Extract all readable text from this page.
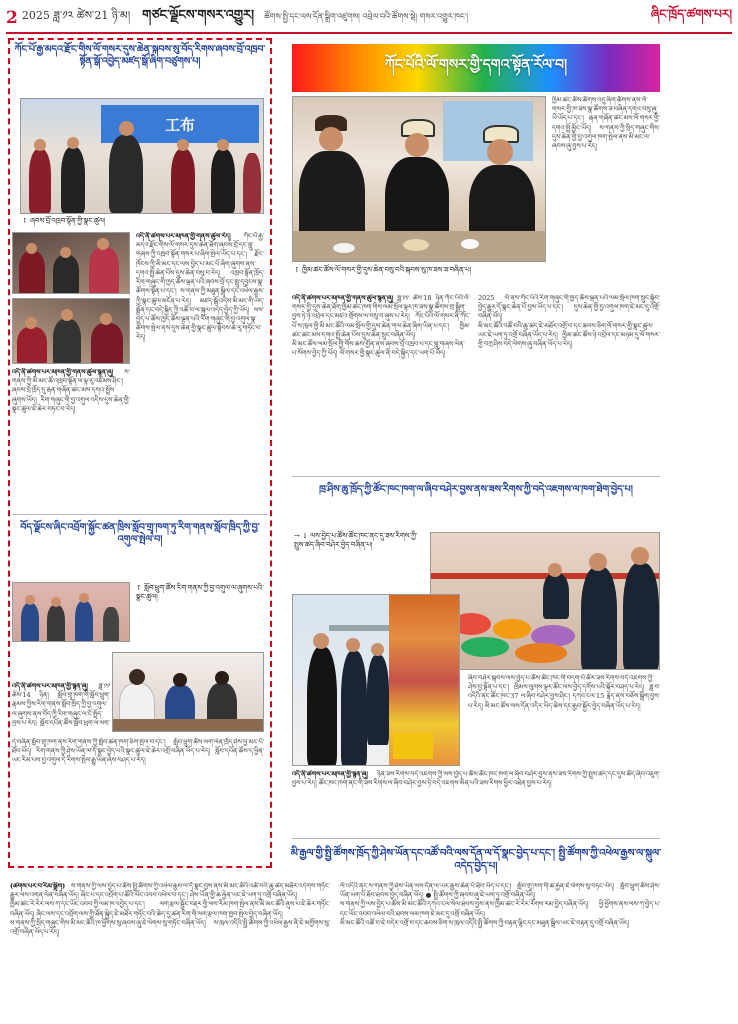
2 2025 ཟླ་༡༢ ཚེས་21 ཉི་མ། གཙང་ལྗོངས་གསར་འགྱུར། ཚོགས་སྤྱི་དང་ལས་དོན་སྒྲིག་འཛུགས། འབྲེལ་བའི་ཚོགས་སྡེ། གསར་འགྱུར་ཁང་།	ཞིང་ཁྲོད་ཚགས་པར།
ཀོང་པོ་རྒྱ་མདའ་རྫོང་གིས་ལོ་གསར་དུས་ཆེན་སྐབས་སུ་བོད་རིགས་ཞབས་བྲོ་འཁྲབ་སྟོན་སྒོ་འབྱེད་མཛད་སྒོ་ཞིག་བཙུགས་པ།
工布
↑ ཞབས་བྲོ་འཁྲབ་སྟོན་གྱི་སྣང་ཚུལ།
འདི་ནི་ཚགས་པར་མཁན་གྱི་གནས་ཚུལ་རེད། ཀོང་པོ་རྒྱ་མདའ་རྫོང་གིས་ལོ་གསར་དུས་ཆེན་ཐོག་ཞབས་བྲོ་དང་གླུ་གཞས་ཀྱི་འཁྲབ་སྟོན་གསར་པ་ཞིག་སྤེལ་ཡོད་པ་དང་། རྫོང་ཁོངས་ཀྱི་མི་མང་དང་ལས་བྱེད་པ་མང་པོ་ཞིག་ཞུགས་ནས་དགའ་སྤྲོ་ཆེན་པོས་དུས་ཆེན་བསུ་བ་རེད། འཁྲབ་སྟོན་ཁྲོད་རིག་གཞུང་གི་ཁྱད་ཆོས་ལྡན་པའི་ཞབས་བྲོ་དང་གླུ་དབྱངས་སྣ་ཚོགས་སྟོན་པ་དང་། ས་གནས་ཀྱི་མཐུན་སྒྲིལ་དང་འཕེལ་རྒྱས་ཀྱི་སྣང་ཚུལ་མངོན་པ་རེད། མཛད་སྒོ་འདིས་མི་མང་གི་ཡིད་སྨོན་དང་བདེ་སྐྱིད་ཀྱི་འཚོ་བ་ལ་སྐུལ་འདེད་བྱེད་ཀྱི་ཡོད། ལས་བྱེད་པ་ཚོས་ཁྱད་ཆོས་ལྡན་པའི་རིག་གཞུང་གི་བྱ་འགུལ་སྣ་ཚོགས་སྤེལ་ནས་དུས་ཆེན་གྱི་སྣང་ཚུལ་སྟོབས་ཆེ་རུ་གཏོང་བ་རེད།
འདི་ནི་ཚགས་པར་མཁན་གྱི་གནས་ཚུལ་སྙན་ཞུ། ས་གནས་ཀྱི་མི་མང་ཚོ་འཁྲབ་སྟོན་ལ་ལྟ་རུ་འཛོམས་ཤིང་། ཞབས་བྲོ་ཁྲོད་དུ་རྒན་གཞོན་ཚང་མས་དགའ་སྤྲོས་ཞུགས་ཡོད། རིག་གཞུང་གི་བྱ་འགུལ་འདིས་དུས་ཆེན་གྱི་སྣང་ཚུལ་ཇེ་ཆེར་བཏང་བ་རེད།
བོད་ལྗོངས་ཞིང་འབྲོག་སྐྱོང་ཚན་ཁྲིས་སློབ་གྲྭ་ཁག་ཏུ་རིག་གནས་སློབ་ཁྲིད་ཀྱི་བྱ་འགུལ་སྤེལ་བ།
↑ སློབ་ཕྲུག་ཚོས་རིག་གནས་ཀྱི་བྱ་འགུལ་ལ་ཞུགས་པའི་སྣང་ཚུལ།
འདི་ནི་ཚགས་པར་མཁན་གྱི་སྙན་ཞུ། ཟླ་༡༡ ཚེས་14 ཉིན། སློབ་གྲྭ་ཁག་གི་སློབ་ཕྲུག་རྣམས་ཀྱིས་རིག་གནས་སློབ་ཁྲིད་ཀྱི་བྱ་འགུལ་ལ་ཞུགས་ནས་བོད་ཀྱི་རིག་གཞུང་ལ་ངོ་སྤྲོད་བྱས་པ་རེད། སློབ་དཔོན་ཚོས་སློབ་ཕྲུག་ལ་ལག་
དེ་བཞིན་སློབ་གྲྭ་ཁག་ནས་རིག་གནས་ཀྱི་སློབ་ཚན་ཁག་ཅིག་སྤེལ་བ་དང་། སློབ་ཕྲུག་ཚོས་ལག་ལེན་ཁྲོད་ཤེས་བྱ་མང་པོ་ཐོབ་ཡོད། རིག་གནས་ཀྱི་ཤེས་ཡོན་ལ་དོ་སྣང་བྱེད་པའི་སྣང་ཚུལ་ཇེ་ཆེར་འགྲོ་བཞིན་ཡོད་པ་རེད། སློབ་དཔོན་ཚོས་ད་ཕྱིན་ཡང་རིམ་པས་བྱ་འགུལ་དེ་རིགས་སྤེལ་རྒྱུ་ཡིན་ཞེས་བཤད་པ་རེད།
ཀོང་པོའི་ལོ་གསར་གྱི་དགའ་སྟོན་རོལ་བ།
↑ ཁྱིམ་ཚང་ཚོས་ལོ་གསར་གྱི་དུས་ཆེན་བསུ་བའི་སྐབས་སུ་ཁ་ཟས་ཟ་བཞིན་པ།
འདི་ནི་ཚགས་པར་མཁན་གྱི་གནས་ཚུལ་སྙན་ཞུ། ཟླ་༡༡ ཚེས་18 ཉིན་ཀོང་པོའི་ལོ་གསར་གྱི་དུས་ཆེན་ཐོག་ཁྱིམ་ཚང་ཁག་གིས་ལམ་སྲོལ་ལྟར་ཁ་ཟས་སྣ་ཚོགས་གྲ་སྒྲིག་བྱས་ཏེ་ཉེ་འབྲེལ་དང་མཛའ་གྲོགས་ལ་བསུ་བ་ཞུས་པ་རེད། ཀོང་པོའི་ལོ་གསར་ནི་ཀོང་པོ་ས་ཁུལ་གྱི་མི་མང་ཚོའི་ལམ་སྲོལ་གྱི་དུས་ཆེན་གལ་ཆེན་ཞིག་ཡིན་པ་དང་། ཁྱིམ་ཚང་ཚང་མས་དགའ་སྤྲོ་ཆེན་པོས་དུས་ཆེན་སྲུང་བཞིན་ཡོད།
མི་མང་ཚོས་ལམ་སྲོལ་གྱི་གོས་ཆས་གྱོན་ནས་ཞབས་བྲོ་འཁྲབ་པ་དང་གླུ་གཞས་ལེན་པ་སོགས་བྱེད་ཀྱི་ཡོད། ལོ་གསར་གྱི་སྣང་ཚུལ་ནི་བདེ་སྐྱིད་དང་ཡག་པོ་ཡོད།
ཁྱིམ་ཚང་ཚོས་ཚོགས་འདུ་ཞིག་ཚོགས་ནས་ལོ་གསར་གྱི་ཁ་ཟས་སྣ་ཚོགས་ཟ་བཞིན་དགའ་བསུ་ཞུ་ཡི་ཡོད་པ་དང་། རྒན་གཞོན་ཚང་མས་ལོ་གསར་གྱི་དགའ་སྤྲོ་མྱོང་ཡོད། ས་གནས་ཀྱི་སྲིད་གཞུང་གིས་དུས་ཆེན་གྱི་བྱ་འགུལ་ཁག་སྤེལ་ནས་མི་མང་ལ་ཞབས་ཞུ་བྱས་པ་རེད།
2025 ལོ་ནས་ཀོང་པོའི་རིག་གཞུང་གི་ཁྱད་ཆོས་ལྡན་པའི་ལམ་སྲོལ་ཁག་སྲུང་སྐྱོབ་བྱེད་རྒྱུར་དོ་སྣང་ཆེན་པོ་བྱས་ཡོད་པ་དང་། དུས་ཆེན་གྱི་བྱ་འགུལ་ཁག་ཇེ་མང་དུ་འགྲོ་བཞིན་ཡོད།
མི་མང་ཚོའི་འཚོ་བའི་ཆུ་ཚད་ཇེ་མཐོར་འགྲོ་བ་དང་ཆབས་ཅིག་ལོ་གསར་གྱི་སྣང་ཚུལ་ཡང་ཇེ་ཡག་ཏུ་འགྲོ་བཞིན་ཡོད་པ་རེད། ཁྱིམ་ཚང་ཚོས་ཉེ་འབྲེལ་དང་མཉམ་དུ་ལོ་གསར་གྱི་བཀྲ་ཤིས་བདེ་ལེགས་ཞུ་བཞིན་ཡོད་པ་རེད།
ཁྲ་ཤིས་ཆུ་ཁྲོད་ཀྱི་ཚོང་ཁང་ཁག་ལ་ཞིབ་བཤེར་བྱས་ནས་ཟས་རིགས་ཀྱི་བདེ་འཇགས་ལ་ཁག་ཐེག་བྱེད་པ།
→ ↓ ལས་བྱེད་པ་ཚོས་ཚོང་ཁང་ནང་དུ་ཟས་རིགས་ཀྱི་སྤུས་ཚད་ཞིབ་བཤེར་བྱེད་བཞིན་པ།
ཞིབ་བཤེར་སྐབས་ལས་བྱེད་པ་ཚོས་ཚོང་ཁང་གི་བདག་པོ་ཚོར་ཟས་རིགས་བདེ་འཇགས་ཀྱི་ཤེས་བྱ་སྟོན་པ་དང་། ཁྲིམས་ལུགས་ལྟར་ཚོང་ལས་བྱེད་དགོས་པའི་སྐོར་བཤད་པ་རེད། ཟླ་བ་འདིའི་ནང་ཚོང་ཁང་37 ལ་ཞིབ་བཤེར་བྱས་ཤིང་། དཀའ་ངལ་15 རྙེད་ནས་བཅོས་སྒྲིག་བྱས་པ་རེད། མི་མང་ཚོས་ལས་དོན་འདིར་ཡིད་ཆེས་དང་རྒྱབ་སྐྱོར་བྱེད་བཞིན་ཡོད་པ་རེད།
འདི་ནི་ཚགས་པར་མཁན་གྱི་སྙན་ཞུ། ཉིན་ཟས་རིགས་བདེ་འཇགས་ཀྱི་ལས་བྱེད་པ་ཚོས་ཚོང་ཁང་ཁག་ལ་ཞིབ་བཤེར་བྱས་ནས་ཟས་རིགས་ཀྱི་སྤུས་ཚད་དང་དུས་ཚོད་ཞིབ་འཇུག་བྱས་པ་རེད། ཚོང་ཁང་ཁག་ནང་གི་ཟས་རིགས་ལ་ཞིབ་བཤེར་བྱས་ཏེ་བདེ་འཇགས་མིན་པའི་ཟས་རིགས་ཕྱིར་འཐེན་བྱས་པ་རེད།
མི་རྒྱལ་གྱི་སྤྱི་ཚོགས་ཁྲོད་ཀྱི་ཤེས་ཡོན་དང་འཚོ་བའི་ལས་དོན་ལ་དོ་སྣང་བྱེད་པ་དང་། སྤྱི་ཚོགས་ཀྱི་འཕེལ་རྒྱས་ལ་སྐུལ་འདེད་བྱེད་པ།
(ཚགས་པར་བ་རིམ་སྒྲིག) ས་གནས་ཀྱི་ལས་བྱེད་པ་ཚོས་སྤྱི་ཚོགས་ཀྱི་འཕེལ་རྒྱས་ལ་དོ་སྣང་བྱས་ནས་མི་མང་ཚོའི་འཚོ་བའི་ཆུ་ཚད་མཐོར་འདེགས་གཏོང་རྒྱུར་ལས་འགན་ལེན་བཞིན་ཡོད། ཞིང་པ་དང་འབྲོག་པ་ཚོའི་ཡོང་འབབ་འཕེལ་བ་དང་། ཤེས་ཡོན་གྱི་ཆ་རྐྱེན་ཡང་ཇེ་ཡག་ཏུ་འགྲོ་བཞིན་ཡོད།
ཁྱིམ་ཚང་རེ་རེར་ལས་ཀ་དང་ཡོང་འབབ་ཀྱི་ལམ་ཁ་འབྱེད་པ་དང་། ལག་རྩལ་སྦྱོང་བརྡར་གྱི་ལས་རིམ་ཁག་སྤེལ་ནས་མི་མང་ཚོའི་ནུས་པ་ཇེ་ཆེར་གཏོང་བཞིན་ཡོད། ཞིང་ལས་དང་འབྲོག་ལས་ཀྱི་ཐོན་སྐྱེད་ཇེ་མཐོར་གཏོང་བའི་ཆེད་དུ་ཚན་རིག་གི་ལག་རྩལ་ཁག་ཁྱབ་སྤེལ་བྱེད་བཞིན་ཡོད།
ས་གནས་ཀྱི་སྲིད་གཞུང་གིས་མི་མང་ཚོའི་ཁ་ཕྱོགས་སུ་ཞབས་ཞུ་ཇེ་ལེགས་སུ་གཏོང་བཞིན་ཡོད། ས་ཁུལ་འདིའི་སྤྱི་ཚོགས་ཀྱི་འཕེལ་རྒྱས་ནི་ཇེ་མགྱོགས་སུ་འགྲོ་བཞིན་ཡོད་པ་རེད།
ལོ་འདིའི་ནང་ས་གནས་ཀྱི་ཤེས་ཡོན་ལས་དོན་ལ་ཡར་རྒྱས་ཆེན་པོ་ཐོབ་ཡོད་པ་དང་། སློབ་གྲྭ་ཁག་གི་ཆ་རྐྱེན་ཇེ་ལེགས་སུ་བཏང་ཡོད། སློབ་ཕྲུག་ཚོས་ཤེས་ཡོན་ཡག་པོ་ཐོབ་ཐབས་བྱེད་བཞིན་ཡོད། ● སྤྱི་ཚོགས་ཀྱི་ཞབས་ཞུ་ཇེ་ཡག་ཏུ་འགྲོ་བཞིན་ཡོད།
ས་གནས་ཀྱི་ལས་བྱེད་པ་ཚོས་མི་མང་ཚོའི་དཀའ་ངལ་སེལ་ཐབས་བྱས་ནས་ཁྱིམ་ཚང་རེ་རེར་རོགས་རམ་བྱེད་བཞིན་ཡོད། ཕྱི་ཕྱོགས་ནས་ལས་ཀ་བྱེད་པ་དང་ཡོང་འབབ་འཕེལ་བའི་ཐབས་ལམ་ཁག་ཇེ་མང་དུ་འགྲོ་བཞིན་ཡོད།
མི་མང་ཚོའི་འཚོ་བ་ཇེ་བདེར་འགྲོ་བ་དང་ཆབས་ཅིག་ས་ཁུལ་འདིའི་སྤྱི་ཚོགས་ཀྱི་བརྟན་ལྷིང་དང་མཐུན་སྒྲིལ་ཡང་ཇེ་བརྟན་དུ་འགྲོ་བཞིན་ཡོད།
